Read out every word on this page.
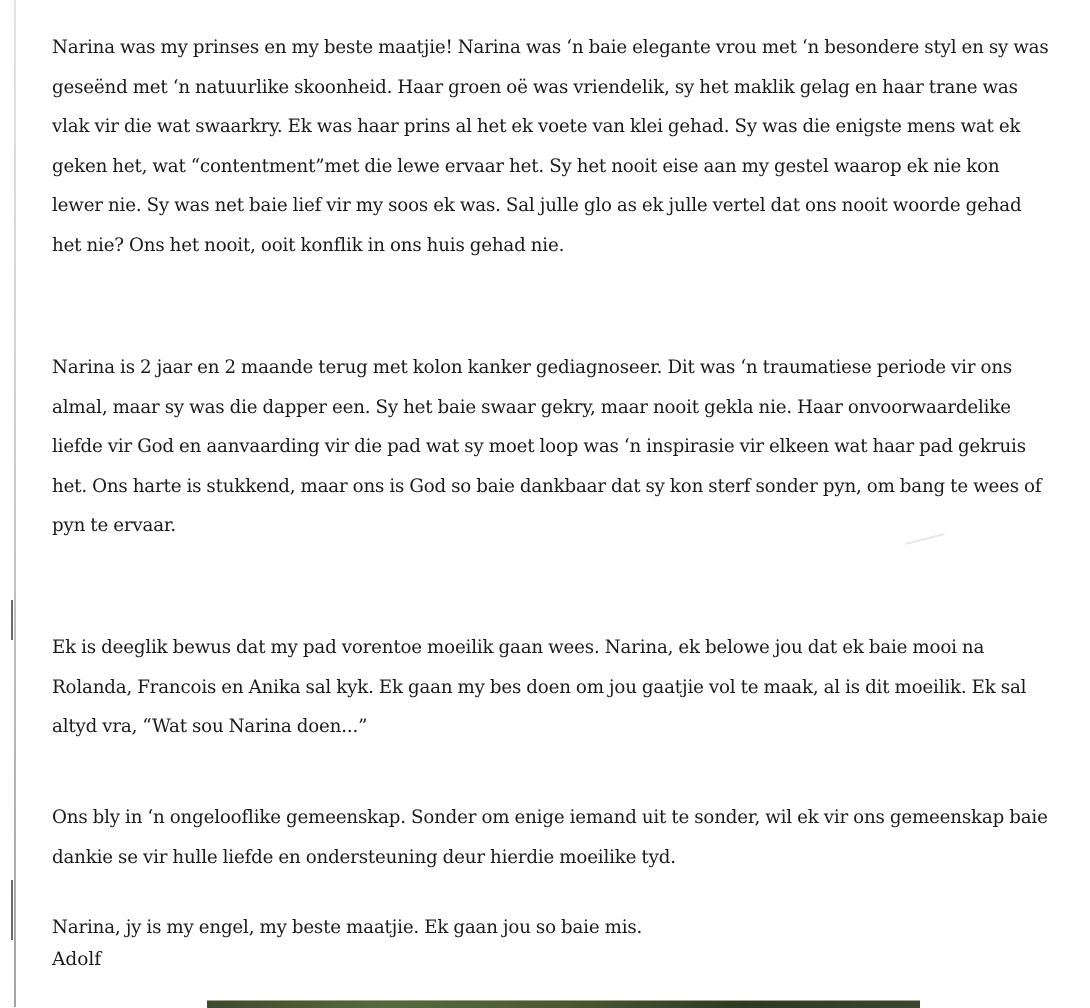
Narina was my prinses en my beste maatjie! Narina was ‘n baie elegante vrou met ‘n besondere styl en sy was geseënd met ‘n natuurlike skoonheid. Haar groen oë was vriendelik, sy het maklik gelag en haar trane was vlak vir die wat swaarkry. Ek was haar prins al het ek voete van klei gehad. Sy was die enigste mens wat ek geken het, wat “contentment”met die lewe ervaar het. Sy het nooit eise aan my gestel waarop ek nie kon lewer nie. Sy was net baie lief vir my soos ek was. Sal julle glo as ek julle vertel dat ons nooit woorde gehad het nie? Ons het nooit, ooit konflik in ons huis gehad nie.

Narina is 2 jaar en 2 maande terug met kolon kanker gediagnoseer. Dit was ‘n traumatiese periode vir ons almal, maar sy was die dapper een. Sy het baie swaar gekry, maar nooit gekla nie. Haar onvoorwaardelike liefde vir God en aanvaarding vir die pad wat sy moet loop was ‘n inspirasie vir elkeen wat haar pad gekruis het. Ons harte is stukkend, maar ons is God so baie dankbaar dat sy kon sterf sonder pyn, om bang te wees of pyn te ervaar.

Ek is deeglik bewus dat my pad vorentoe moeilik gaan wees. Narina, ek belowe jou dat ek baie mooi na Rolanda, Francois en Anika sal kyk. Ek gaan my bes doen om jou gaatjie vol te maak, al is dit moeilik. Ek sal altyd vra, “Wat sou Narina doen...”

Ons bly in ‘n ongelooflike gemeenskap. Sonder om enige iemand uit te sonder, wil ek vir ons gemeenskap baie dankie se vir hulle liefde en ondersteuning deur hierdie moeilike tyd.

Narina, jy is my engel, my beste maatjie. Ek gaan jou so baie mis.

Adolf
